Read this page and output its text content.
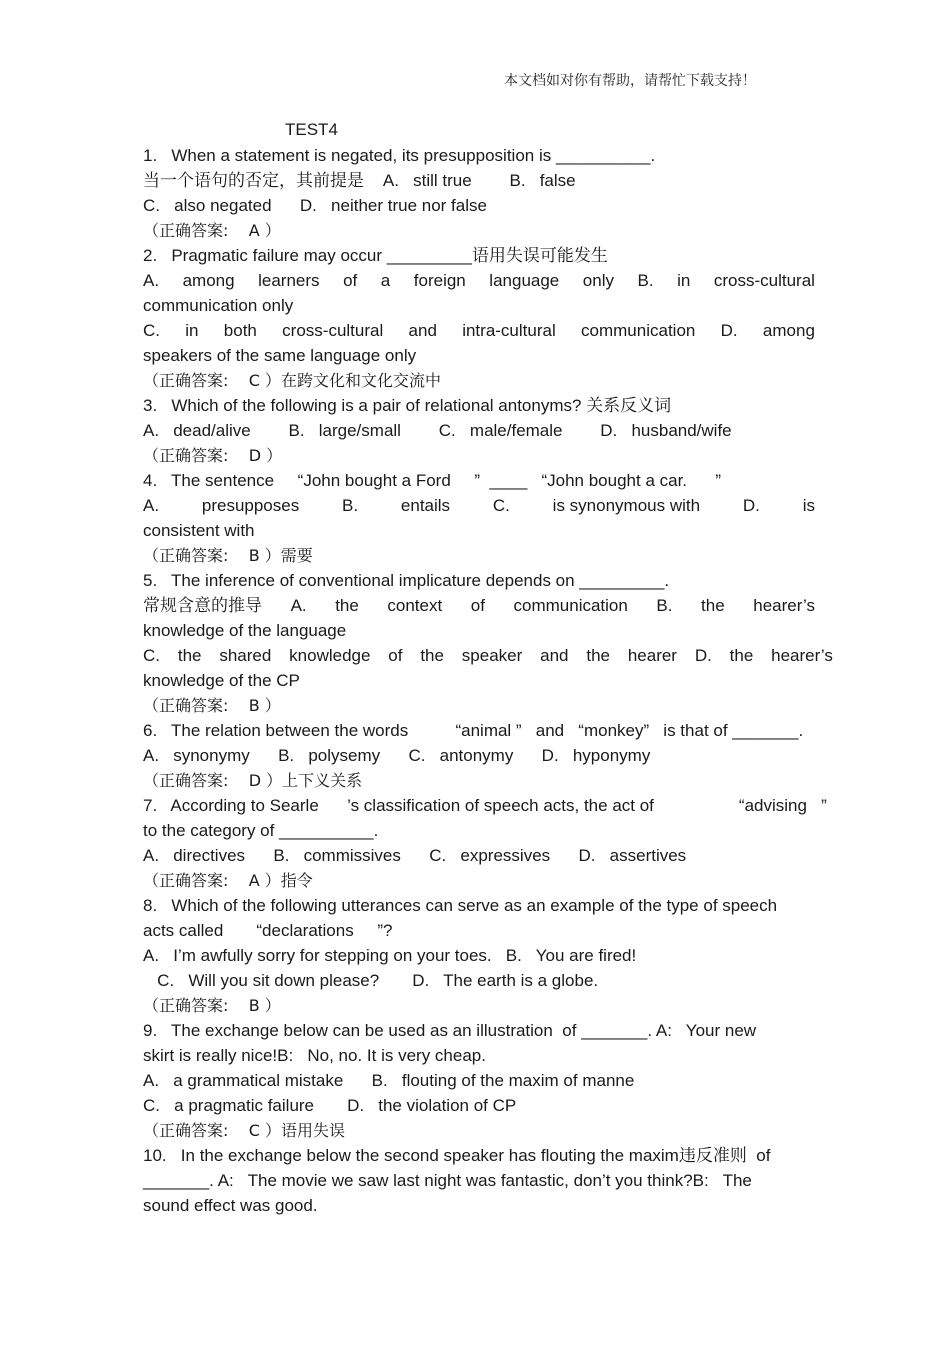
本文档如对你有帮助，请帮忙下载支持！
TEST4
1.   When a statement is negated, its presupposition is __________.
当一个语句的否定，其前提是    A.   still true        B.   false
C.   also negated      D.   neither true nor false
（正确答案:    A ）
2.   Pragmatic failure may occur _________语用失误可能发生
A. among learners of a foreign language only B. in cross-cultural
communication only
C. in both cross-cultural and intra-cultural communication D. among
speakers of the same language only
（正确答案:    C ）在跨文化和文化交流中
3.   Which of the following is a pair of relational antonyms? 关系反义词
A.   dead/alive        B.   large/small        C.   male/female        D.   husband/wife
（正确答案:    D ）
4.   The sentence     “John bought a Ford     ”  ____   “John bought a car.      ”
A.	presupposes	B.	entails	C.	is synonymous with	D.	is
consistent with
（正确答案:    B ）需要
5.   The inference of conventional implicature depends on _________.
常规含意的推导 A. the context of communication B. the hearer’s
knowledge of the language
C. the shared knowledge of the speaker and the hearer D. the hearer’s
knowledge of the CP
（正确答案:    B ）
6.   The relation between the words          “animal ”   and   “monkey”   is that of _______.
A.   synonymy      B.   polysemy      C.   antonymy      D.   hyponymy
（正确答案:    D ）上下义关系
7.   According to Searle      ’s classification of speech acts, the act of                  “advising   ”
to the category of __________.
A.   directives      B.   commissives      C.   expressives      D.   assertives
（正确答案:    A ）指令
8.   Which of the following utterances can serve as an example of the type of speech
acts called       “declarations     ”?
A.   I’m awfully sorry for stepping on your toes.   B.   You are fired!
C.   Will you sit down please?       D.   The earth is a globe.
（正确答案:    B ）
9.   The exchange below can be used as an illustration  of _______. A:   Your new
skirt is really nice!B:   No, no. It is very cheap.
A.   a grammatical mistake      B.   flouting of the maxim of manne
C.   a pragmatic failure       D.   the violation of CP
（正确答案:    C ）语用失误
10.   In the exchange below the second speaker has flouting the maxim违反准则  of
_______. A:   The movie we saw last night was fantastic, don’t you think?B:   The
sound effect was good.
